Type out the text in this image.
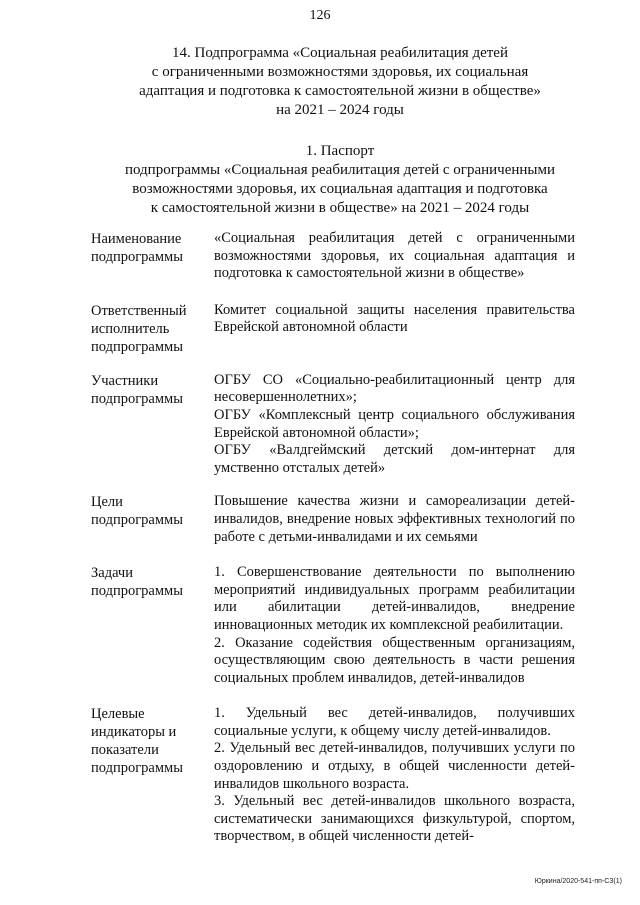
126
14. Подпрограмма «Социальная реабилитация детей
с ограниченными возможностями здоровья, их социальная
адаптация и подготовка к самостоятельной жизни в обществе»
на 2021 – 2024 годы
1. Паспорт
подпрограммы «Социальная реабилитация детей с ограниченными
возможностями здоровья, их социальная адаптация и подготовка
к самостоятельной жизни в обществе» на 2021 – 2024 годы
Наименование
подпрограммы

«Социальная реабилитация детей с ограниченными возможностями здоровья, их социальная адаптация и подготовка к самостоятельной жизни в обществе»

Ответственный
исполнитель
подпрограммы

Комитет социальной защиты населения правительства Еврейской автономной области

Участники
подпрограммы

ОГБУ СО «Социально-реабилитационный центр для несовершеннолетних»;

ОГБУ «Комплексный центр социального обслуживания Еврейской автономной области»;

ОГБУ «Валдгеймский детский дом-интернат для умственно отсталых детей»

Цели
подпрограммы

Повышение качества жизни и самореализации детей-инвалидов, внедрение новых эффективных технологий по работе с детьми-инвалидами и их семьями

Задачи
подпрограммы

1. Совершенствование деятельности по выполнению мероприятий индивидуальных программ реабилитации или абилитации детей-инвалидов, внедрение инновационных методик их комплексной реабилитации.

2. Оказание содействия общественным организациям, осуществляющим свою деятельность в части решения социальных проблем инвалидов, детей-инвалидов

Целевые
индикаторы и
показатели
подпрограммы

1. Удельный вес детей-инвалидов, получивших социальные услуги, к общему числу детей-инвалидов.

2. Удельный вес детей-инвалидов, получивших услуги по оздоровлению и отдыху, в общей численности детей-инвалидов школьного возраста.

3. Удельный вес детей-инвалидов школьного возраста, систематически занимающихся физкультурой, спортом, творчеством, в общей численности детей-

Юркина/2020-541-пп-СЗ(1)
